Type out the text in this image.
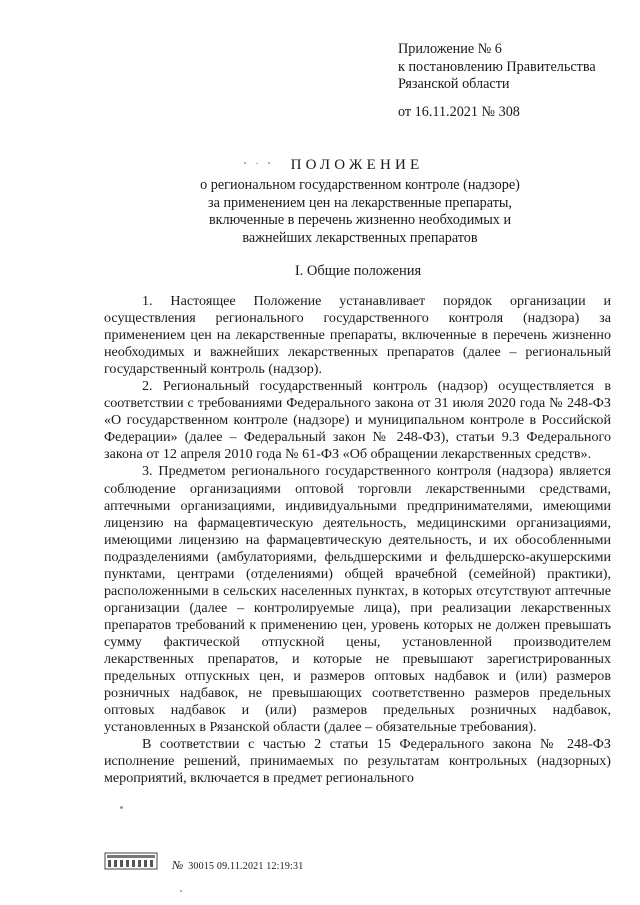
Приложение № 6
к постановлению Правительства
Рязанской области
от 16.11.2021 № 308
ПОЛОЖЕНИЕ
о региональном государственном контроле (надзоре)
за применением цен на лекарственные препараты,
включенные в перечень жизненно необходимых и
важнейших лекарственных препаратов
I. Общие положения

1. Настоящее Положение устанавливает порядок организации и осуществления регионального государственного контроля (надзора) за применением цен на лекарственные препараты, включенные в перечень жизненно необходимых и важнейших лекарственных препаратов (далее – региональный государственный контроль (надзор).

2. Региональный государственный контроль (надзор) осуществляется в соответствии с требованиями Федерального закона от 31 июля 2020 года № 248-ФЗ «О государственном контроле (надзоре) и муниципальном контроле в Российской Федерации» (далее – Федеральный закон № 248-ФЗ), статьи 9.3 Федерального закона от 12 апреля 2010 года № 61-ФЗ «Об обращении лекарственных средств».

3. Предметом регионального государственного контроля (надзора) является соблюдение организациями оптовой торговли лекарственными средствами, аптечными организациями, индивидуальными предпринимателями, имеющими лицензию на фармацевтическую деятельность, медицинскими организациями, имеющими лицензию на фармацевтическую деятельность, и их обособленными подразделениями (амбулаториями, фельдшерскими и фельдшерско-акушерскими пунктами, центрами (отделениями) общей врачебной (семейной) практики), расположенными в сельских населенных пунктах, в которых отсутствуют аптечные организации (далее – контролируемые лица), при реализации лекарственных препаратов требований к применению цен, уровень которых не должен превышать сумму фактической отпускной цены, установленной производителем лекарственных препаратов, и которые не превышают зарегистрированных предельных отпускных цен, и размеров оптовых надбавок и (или) размеров розничных надбавок, не превышающих соответственно размеров предельных оптовых надбавок и (или) размеров предельных розничных надбавок, установленных в Рязанской области (далее – обязательные требования).

В соответствии с частью 2 статьи 15 Федерального закона № 248-ФЗ исполнение решений, принимаемых по результатам контрольных (надзорных) мероприятий, включается в предмет регионального

№ 30015 09.11.2021 12:19:31
